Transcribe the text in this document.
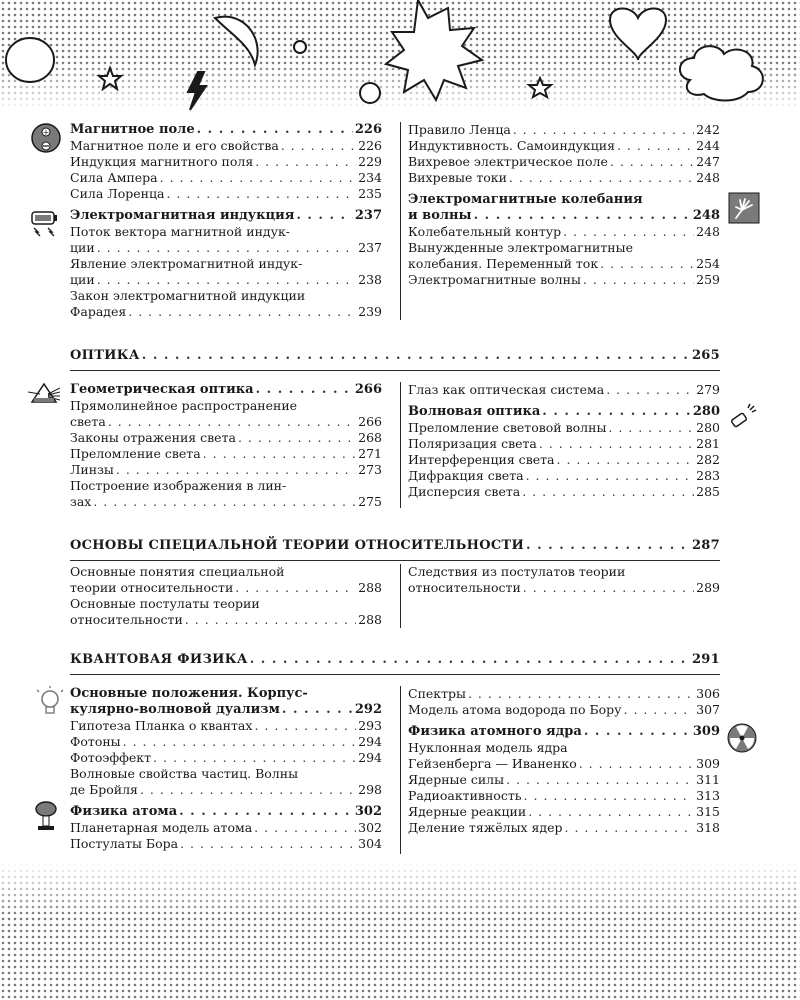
+ Магнитное поле . . .	226
Магнитное поле и его свойства . . .	226
Индукция магнитного поля . . .	229
Сила Ампера . . .	234
Сила Лоренца . . .	235
Электромагнитная индукция . . .	237
Поток вектора магнитной индук-
ции . . .	237
Явление электромагнитной индук-
ции . . .	238
Закон электромагнитной индукции
Фарадея . . .	239
Правило Ленца . . .	242
Индуктивность. Самоиндукция . . .	244
Вихревое электрическое поле . . .	247
Вихревые токи . . .	248
Электромагнитные колебания
и волны . . .	248
Колебательный контур . . .	248
Вынужденные электромагнитные
колебания. Переменный ток . . .	254
Электромагнитные волны . . .	259
ОПТИКА . . .	265
Геометрическая оптика . . .	266
Прямолинейное распространение
света . . .	266
Законы отражения света . . .	268
Преломление света . . .	271
Линзы . . .	273
Построение изображения в лин-
зах . . .	275
Глаз как оптическая система . . .	279
Волновая оптика . . .	280
Преломление световой волны . . .	280
Поляризация света . . .	281
Интерференция света . . .	282
Дифракция света . . .	283
Дисперсия света . . .	285
ОСНОВЫ СПЕЦИАЛЬНОЙ ТЕОРИИ ОТНОСИТЕЛЬНОСТИ . . .	287
Основные понятия специальной
теории относительности . . .	288
Основные постулаты теории
относительности . . .	288
Следствия из постулатов теории
относительности . . .	289
КВАНТОВАЯ ФИЗИКА . . .	291
Основные положения. Корпус-
кулярно-волновой дуализм . . .	292
Гипотеза Планка о квантах . . .	293
Фотоны . . .	294
Фотоэффект . . .	294
Волновые свойства частиц. Волны
де Бройля . . .	298
Физика атома . . .	302
Планетарная модель атома . . .	302
Постулаты Бора . . .	304
Спектры . . .	306
Модель атома водорода по Бору . . .	307
Физика атомного ядра . . .	309
Нуклонная модель ядра
Гейзенберга — Иваненко . . .	309
Ядерные силы . . .	311
Радиоактивность . . .	313
Ядерные реакции . . .	315
Деление тяжёлых ядер . . .	318
